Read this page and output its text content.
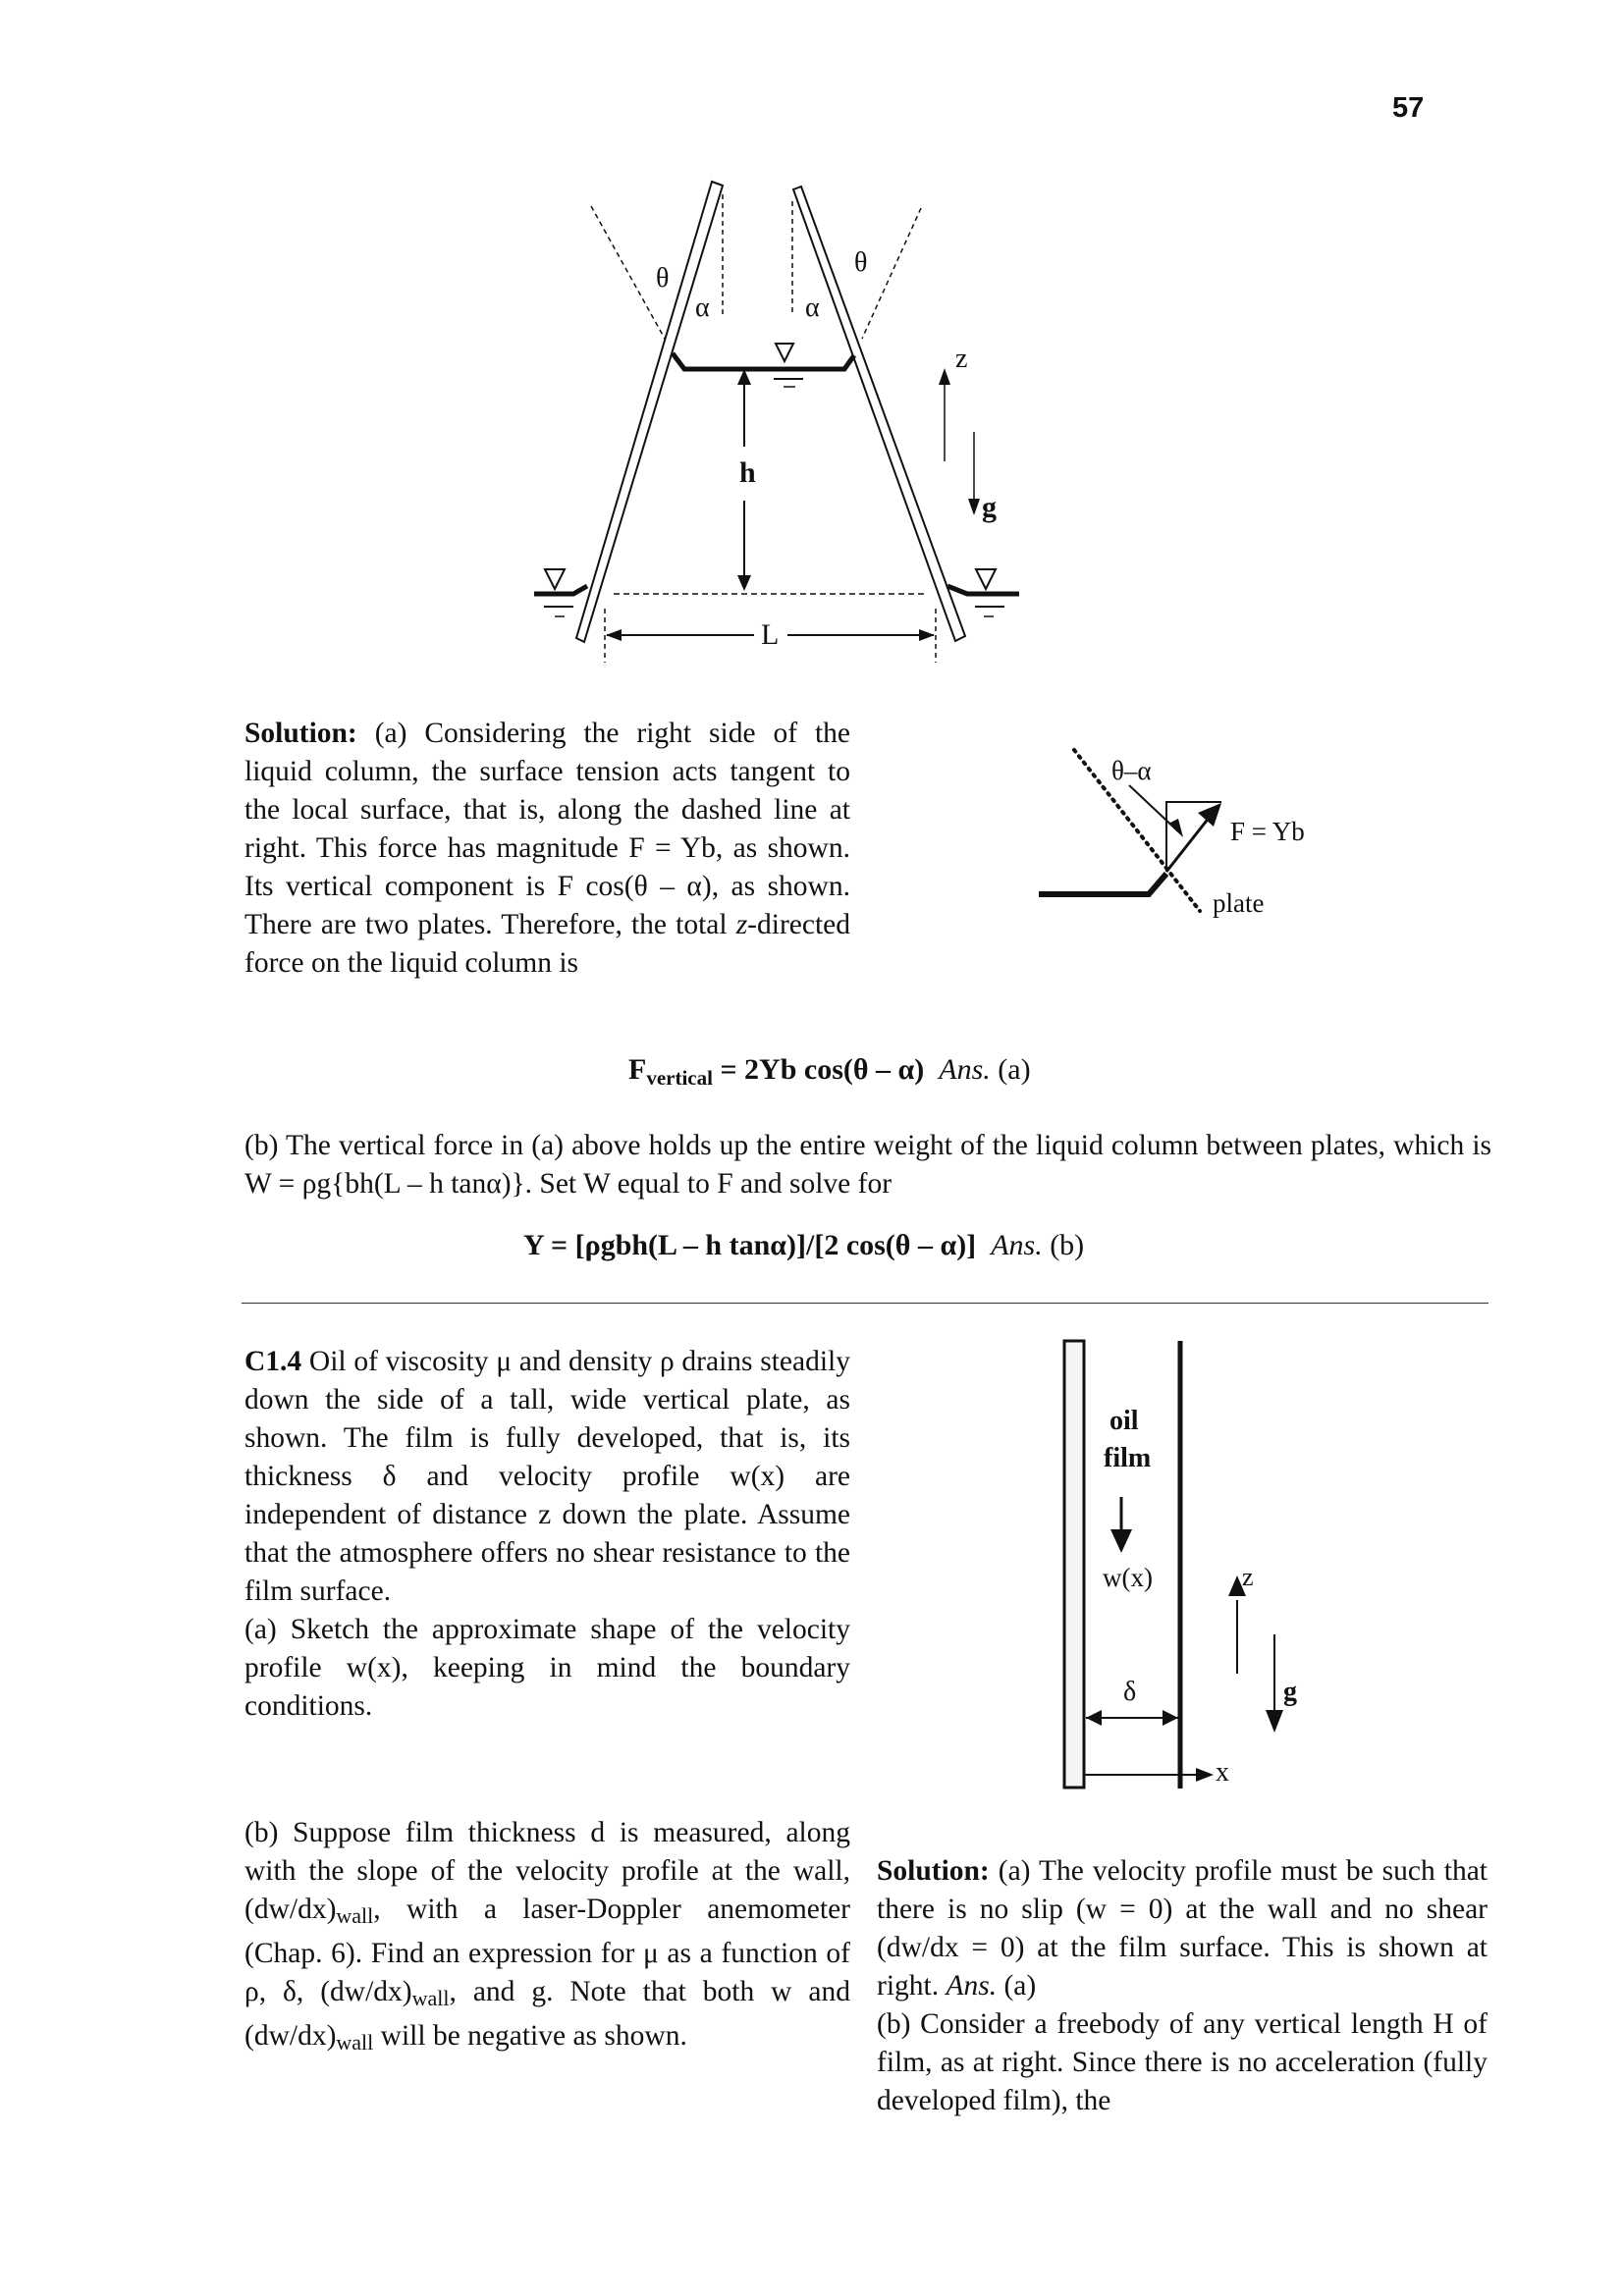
57
θ
α	α
θ
h
L
z
g
Solution: (a) Considering the right side of the liquid column, the surface tension acts tangent to the local surface, that is, along the dashed line at right. This force has magnitude F = Yb, as shown. Its vertical component is F cos(θ – α), as shown. There are two plates. Therefore, the total z-directed force on the liquid column is
θ–α
F = Yb
plate
$F_{vertical} = 2Yb$ cos(θ – α) Ans. (a)
(b) The vertical force in (a) above holds up the entire weight of the liquid column between plates, which is W = ρg{bh(L – h tanα)}. Set W equal to F and solve for
Y = [ρgbh(L – h tanα)]/[2 cos(θ – α)] Ans. (b)
C1.4 Oil of viscosity μ and density ρ drains steadily down the side of a tall, wide vertical plate, as shown. The film is fully developed, that is, its thickness δ and velocity profile w(x) are independent of distance z down the plate. Assume that the atmosphere offers no shear resistance to the film surface.
(a) Sketch the approximate shape of the velocity profile w(x), keeping in mind the boundary conditions.
oil
film
w(x)
δ
z
g
x
(b) Suppose film thickness d is measured, along with the slope of the velocity profile at the wall, (dw/dx)wall, with a laser-Doppler anemometer (Chap. 6). Find an expression for μ as a function of ρ, δ, (dw/dx)wall, and g. Note that both w and (dw/dx)wall will be negative as shown.
Solution: (a) The velocity profile must be such that there is no slip (w = 0) at the wall and no shear (dw/dx = 0) at the film surface. This is shown at right. Ans. (a)
(b) Consider a freebody of any vertical length H of film, as at right. Since there is no acceleration (fully developed film), the
